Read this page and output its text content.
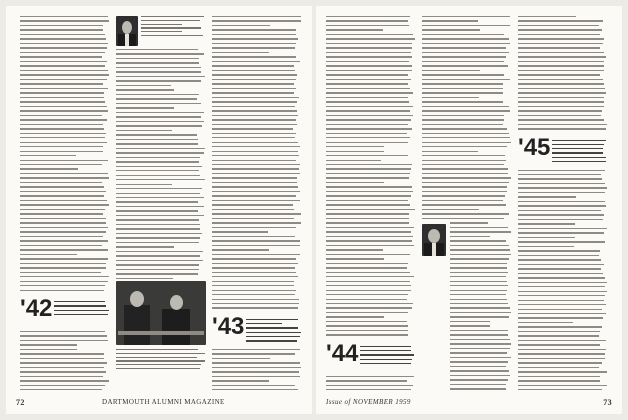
'42
'43
72	DARTMOUTH ALUMNI MAGAZINE
'44
'45
Issue of NOVEMBER 1959	73
